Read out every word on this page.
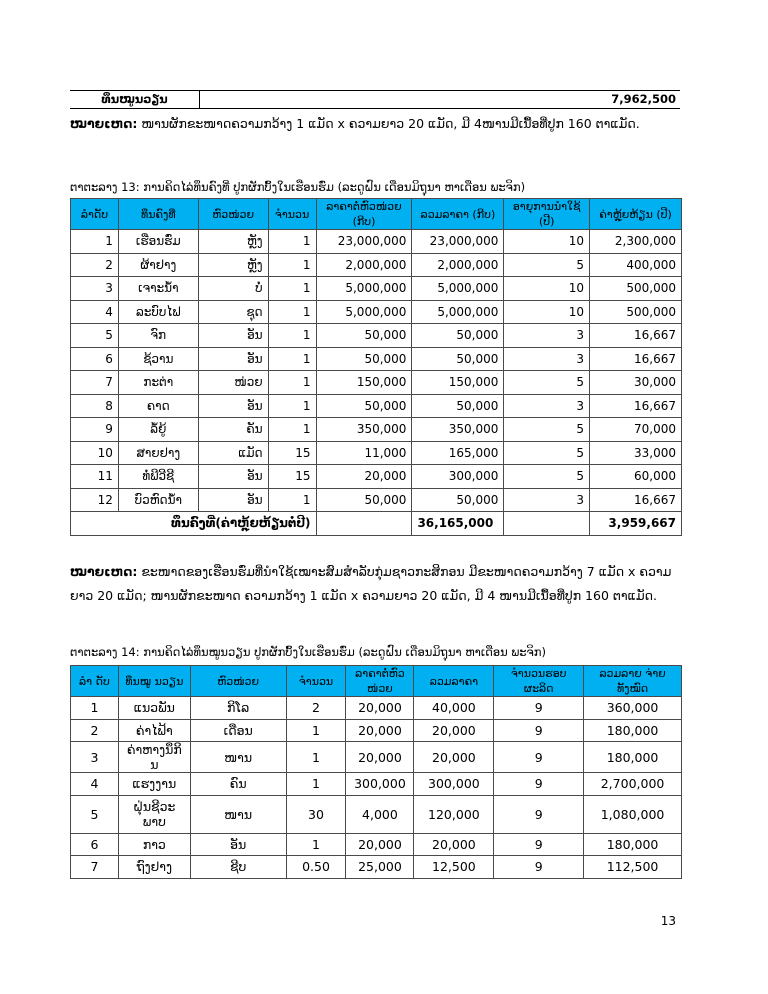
ທຶນໝູນວຽນ	7,962,500
ໝາຍເຫດ: ໜານຜັກຂະໜາດຄວາມກວ້າງ 1 ແມັດ x ຄວາມຍາວ 20 ແມັດ, ມີ 4ໜານມີເນື້ອທີ່ປູກ 160 ຕາແມັດ.
ຕາຕະລາງ 13: ການຄິດໄລ່ທຶນຄົງທີ່ ປູກຜັກບົ້ງໃນເຮືອນຮົ່ມ (ລະດູຝົນ ເດືອນມິຖຸນາ ຫາເດືອນ ພະຈິກ)
ລຳດັບ	ທຶນຄົງທີ່	ຫົວໜ່ວຍ	ຈຳນວນ	ລາຄາຕໍ່ຫົວໜ່ວຍ (ກີບ)	ລວມລາຄາ (ກີບ)	ອາຍຸການນຳໃຊ້ (ປີ)	ຄ່າຫຼຸ້ຍຫ້ຽນ (ປີ)
1	ເຮືອນຮົ່ມ	ຫຼັງ	1	23,000,000	23,000,000	10	2,300,000
2	ຜ້າຢາງ	ຫຼັງ	1	2,000,000	2,000,000	5	400,000
3	ເຈາະນ້ຳ	ບໍ່	1	5,000,000	5,000,000	10	500,000
4	ລະບົບໄຟ	ຊຸດ	1	5,000,000	5,000,000	10	500,000
5	ຈົກ	ອັນ	1	50,000	50,000	3	16,667
6	ຊ້ວານ	ອັນ	1	50,000	50,000	3	16,667
7	ກະຕ່າ	ໜ່ວຍ	1	150,000	150,000	5	30,000
8	ຄາດ	ອັນ	1	50,000	50,000	3	16,667
9	ລໍ້ຍູ້	ຄັນ	1	350,000	350,000	5	70,000
10	ສາຍຢາງ	ແມັດ	15	11,000	165,000	5	33,000
11	ທໍ່ພີວີຊີ	ອັນ	15	20,000	300,000	5	60,000
12	ບົວຫົດນ້ຳ	ອັນ	1	50,000	50,000	3	16,667
ທຶນຄົງທີ່(ຄ່າຫຼຸ້ຍຫ້ຽນຕໍ່ປີ)					36,165,000		3,959,667
ໝາຍເຫດ: ຂະໜາດຂອງເຮືອນຮົ່ມທີ່ນຳໃຊ້ເໝາະສົມສຳລັບກຸ່ມຊາວກະສິກອນ ມີຂະໜາດຄວາມກວ້າງ 7 ແມັດ x ຄວາມຍາວ 20 ແມັດ; ໜານຜັກຂະໜາດ ຄວາມກວ້າງ 1 ແມັດ x ຄວາມຍາວ 20 ແມັດ, ມີ 4 ໜານມີເນື້ອທີ່ປູກ 160 ຕາແມັດ.
ຕາຕະລາງ 14: ການຄິດໄລ່ທຶນໝູນວຽນ ປູກຜັກບົ້ງໃນເຮືອນຮົ່ມ (ລະດູຝົນ ເດືອນມິຖຸນາ ຫາເດືອນ ພະຈິກ)
ລຳ ດັບ	ທຶນໝູ ນວຽນ	ຫົວໜ່ວຍ	ຈຳນວນ	ລາຄາຕໍ່ຫົວ ໜ່ວຍ	ລວມລາຄາ	ຈຳນວນຮອບ ຜະລິດ	ລວມລາຍ ຈ່າຍທັງໝົດ
1	ແນວພັນ	ກິໂລ	2	20,000	40,000	9	360,000
2	ຄ່າໄຟ້າ	ເດືອນ	1	20,000	20,000	9	180,000
3	ຄ່າຫາງນຶກິນ	ໜານ	1	20,000	20,000	9	180,000
4	ແຮງງານ	ຄົນ	1	300,000	300,000	9	2,700,000
5	ຝຸ່ນຊີວະ ພາບ	ໜານ	30	4,000	120,000	9	1,080,000
6	ກາວ	ອັນ	1	20,000	20,000	9	180,000
7	ຖົງຢາງ	ຊີບ	0.50	25,000	12,500	9	112,500
13
